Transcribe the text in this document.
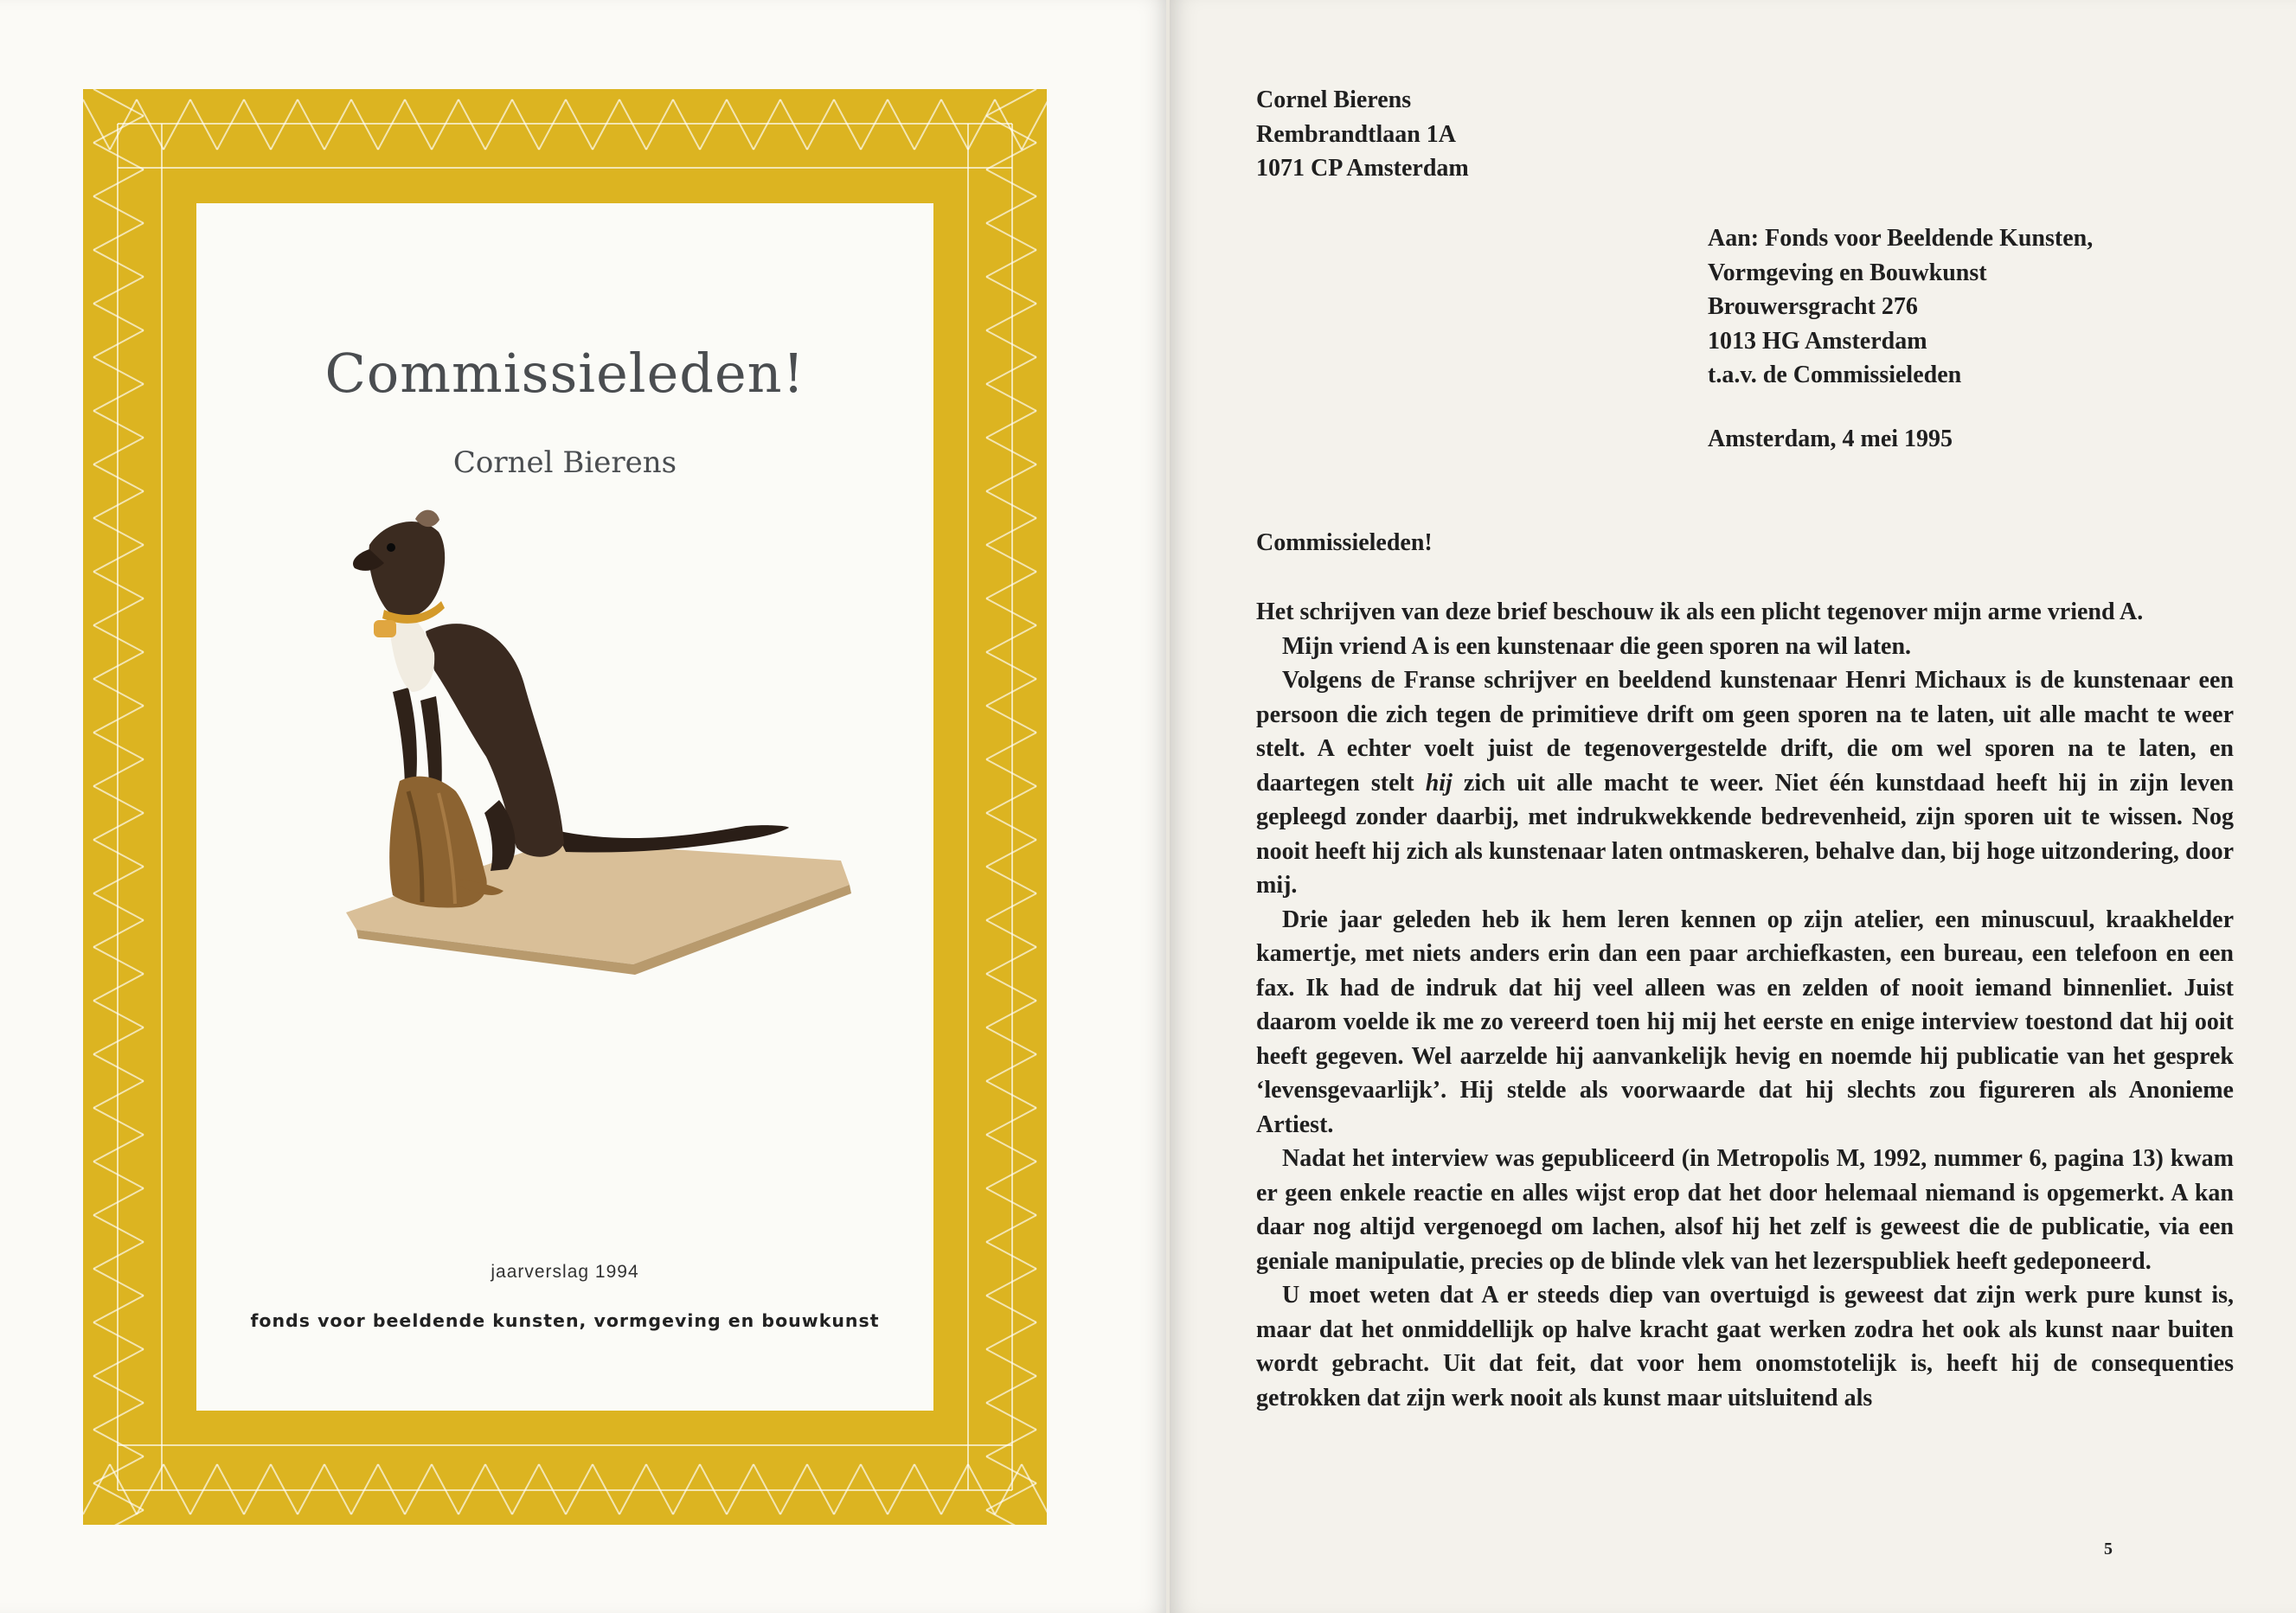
Commissieleden!
Cornel Bierens
jaarverslag 1994
fonds voor beeldende kunsten, vormgeving en bouwkunst
Cornel Bierens
Rembrandtlaan 1A
1071 CP Amsterdam
Aan: Fonds voor Beeldende Kunsten,
Vormgeving en Bouwkunst
Brouwersgracht 276
1013 HG Amsterdam
t.a.v. de Commissieleden
Amsterdam, 4 mei 1995
Commissieleden!

Het schrijven van deze brief beschouw ik als een plicht tegenover mijn arme vriend A.

Mijn vriend A is een kunstenaar die geen sporen na wil laten.

Volgens de Franse schrijver en beeldend kunstenaar Henri Michaux is de kunstenaar een persoon die zich tegen de primitieve drift om geen sporen na te laten, uit alle macht te weer stelt. A echter voelt juist de tegenovergestelde drift, die om wel sporen na te laten, en daartegen stelt hij zich uit alle macht te weer. Niet één kunstdaad heeft hij in zijn leven gepleegd zonder daarbij, met indrukwekkende bedrevenheid, zijn sporen uit te wissen. Nog nooit heeft hij zich als kunstenaar laten ontmaskeren, behalve dan, bij hoge uitzondering, door mij.

Drie jaar geleden heb ik hem leren kennen op zijn atelier, een minuscuul, kraakhelder kamertje, met niets anders erin dan een paar archiefkasten, een bureau, een telefoon en een fax. Ik had de indruk dat hij veel alleen was en zelden of nooit iemand binnenliet. Juist daarom voelde ik me zo vereerd toen hij mij het eerste en enige interview toestond dat hij ooit heeft gegeven. Wel aarzelde hij aanvankelijk hevig en noemde hij publicatie van het gesprek ‘levensgevaarlijk’. Hij stelde als voorwaarde dat hij slechts zou figureren als Anonieme Artiest.

Nadat het interview was gepubliceerd (in Metropolis M, 1992, nummer 6, pagina 13) kwam er geen enkele reactie en alles wijst erop dat het door helemaal niemand is opgemerkt. A kan daar nog altijd vergenoegd om lachen, alsof hij het zelf is geweest die de publicatie, via een geniale manipulatie, precies op de blinde vlek van het lezerspubliek heeft gedeponeerd.

U moet weten dat A er steeds diep van overtuigd is geweest dat zijn werk pure kunst is, maar dat het onmiddellijk op halve kracht gaat werken zodra het ook als kunst naar buiten wordt gebracht. Uit dat feit, dat voor hem onomstotelijk is, heeft hij de consequenties getrokken dat zijn werk nooit als kunst maar uitsluitend als

5
